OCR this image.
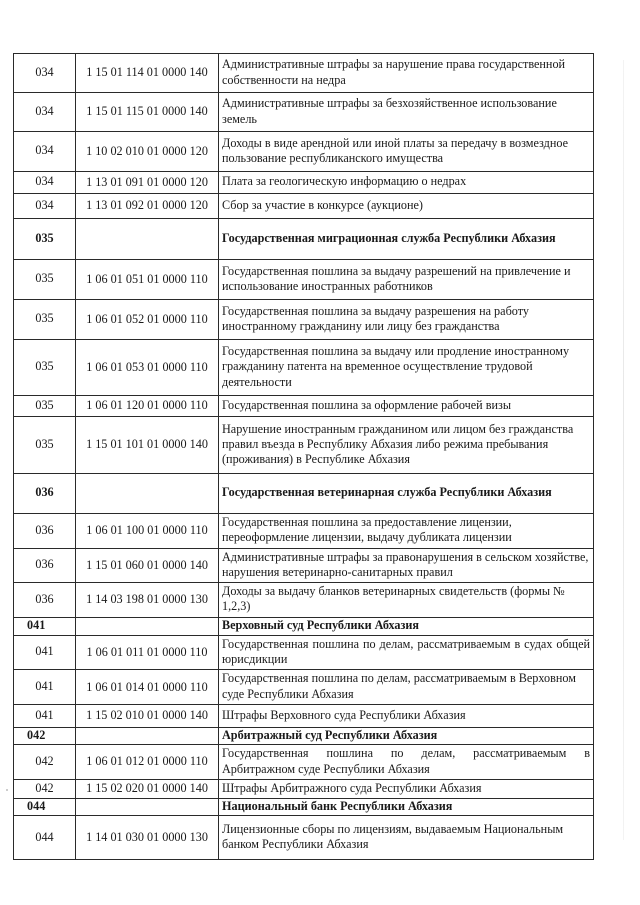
034	1 15 01 114 01 0000 140	Административные штрафы за нарушение права государственной собственности на недра
034	1 15 01 115 01 0000 140	Административные штрафы за безхозяйственное использование земель
034	1 10 02 010 01 0000 120	Доходы в виде арендной или иной платы за передачу в возмездное пользование республиканского имущества
034	1 13 01 091 01 0000 120	Плата за геологическую информацию о недрах
034	1 13 01 092 01 0000 120	Сбор за участие в конкурсе (аукционе)
035		Государственная миграционная служба Республики Абхазия
035	1 06 01 051 01 0000 110	Государственная пошлина за выдачу разрешений на привлечение и использование иностранных работников
035	1 06 01 052 01 0000 110	Государственная пошлина за выдачу разрешения на работу иностранному гражданину или лицу без гражданства
035	1 06 01 053 01 0000 110	Государственная пошлина за выдачу или продление иностранному гражданину патента на временное осуществление трудовой деятельности
035	1 06 01 120 01 0000 110	Государственная пошлина за оформление рабочей визы
035	1 15 01 101 01 0000 140	Нарушение иностранным гражданином или лицом без гражданства правил въезда в Республику Абхазия либо режима пребывания (проживания) в Республике Абхазия
036		Государственная ветеринарная служба Республики Абхазия
036	1 06 01 100 01 0000 110	Государственная пошлина за предоставление лицензии, переоформление лицензии, выдачу дубликата лицензии
036	1 15 01 060 01 0000 140	Административные штрафы за правонарушения в сельском хозяйстве, нарушения ветеринарно-санитарных правил
036	1 14 03 198 01 0000 130	Доходы за выдачу бланков ветеринарных свидетельств (формы № 1,2,3)
041		Верховный суд Республики Абхазия
041	1 06 01 011 01 0000 110	Государственная пошлина по делам, рассматриваемым в судах общей юрисдикции
041	1 06 01 014 01 0000 110	Государственная пошлина по делам, рассматриваемым в Верховном суде Республики Абхазия
041	1 15 02 010 01 0000 140	Штрафы Верховного суда Республики Абхазия
042		Арбитражный суд Республики Абхазия
042	1 06 01 012 01 0000 110	Государственная пошлина по делам, рассматриваемым в Арбитражном суде Республики Абхазия
042	1 15 02 020 01 0000 140	Штрафы Арбитражного суда Республики Абхазия
044		Национальный банк Республики Абхазия
044	1 14 01 030 01 0000 130	Лицензионные сборы по лицензиям, выдаваемым Национальным банком Республики Абхазия
